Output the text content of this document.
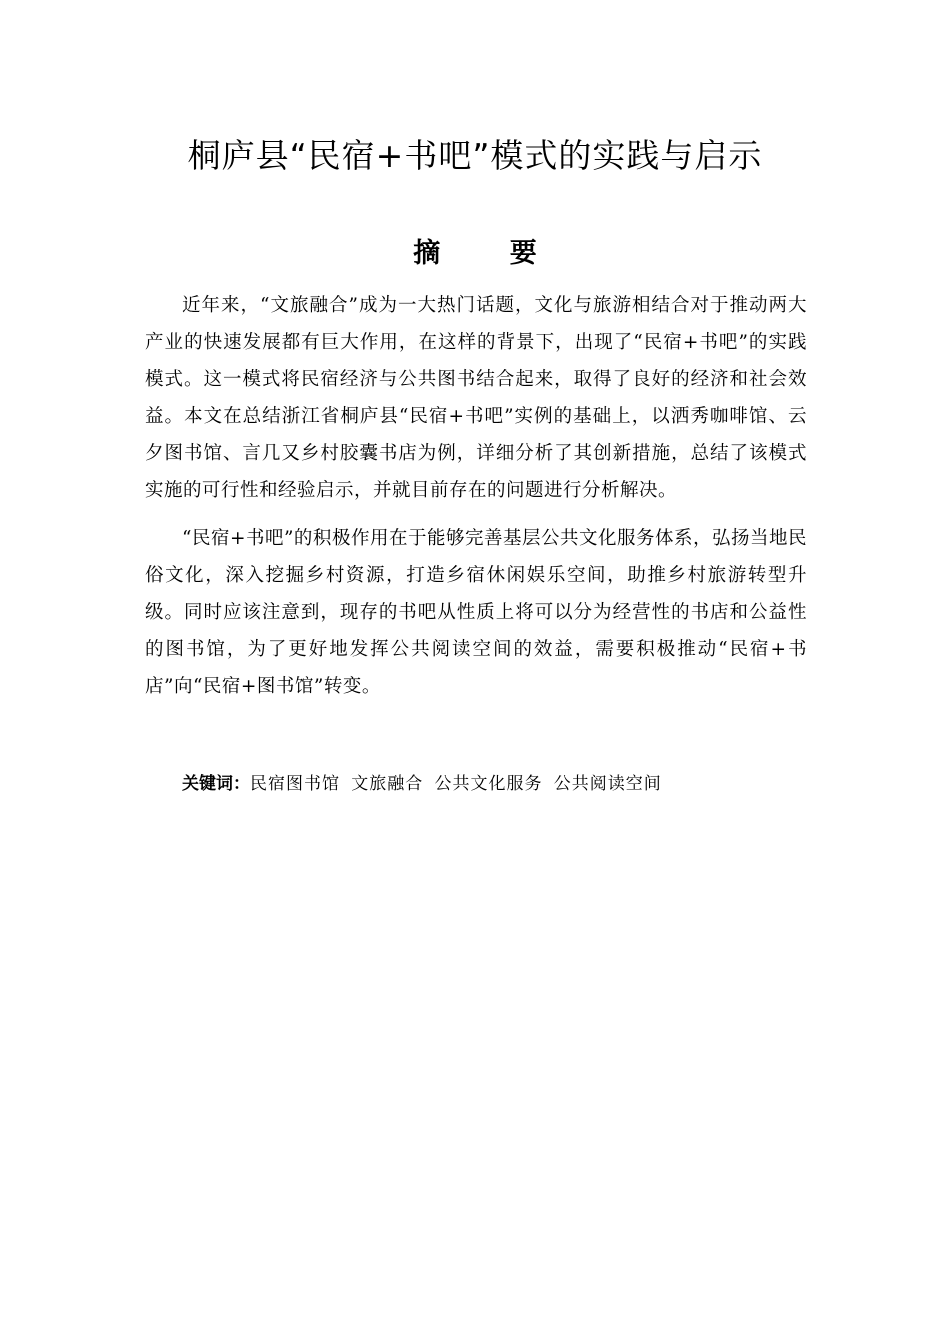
桐庐县“民宿+书吧”模式的实践与启示
摘 要

近年来，“文旅融合”成为一大热门话题，文化与旅游相结合对于推动两大产业的快速发展都有巨大作用，在这样的背景下，出现了“民宿+书吧”的实践模式。这一模式将民宿经济与公共图书结合起来，取得了良好的经济和社会效益。本文在总结浙江省桐庐县“民宿+书吧”实例的基础上，以洒秀咖啡馆、云夕图书馆、言几又乡村胶囊书店为例，详细分析了其创新措施，总结了该模式实施的可行性和经验启示，并就目前存在的问题进行分析解决。

“民宿+书吧”的积极作用在于能够完善基层公共文化服务体系，弘扬当地民俗文化，深入挖掘乡村资源，打造乡宿休闲娱乐空间，助推乡村旅游转型升级。同时应该注意到，现存的书吧从性质上将可以分为经营性的书店和公益性的图书馆，为了更好地发挥公共阅读空间的效益，需要积极推动“民宿+书店”向“民宿+图书馆”转变。

关键词：民宿图书馆 文旅融合 公共文化服务 公共阅读空间
